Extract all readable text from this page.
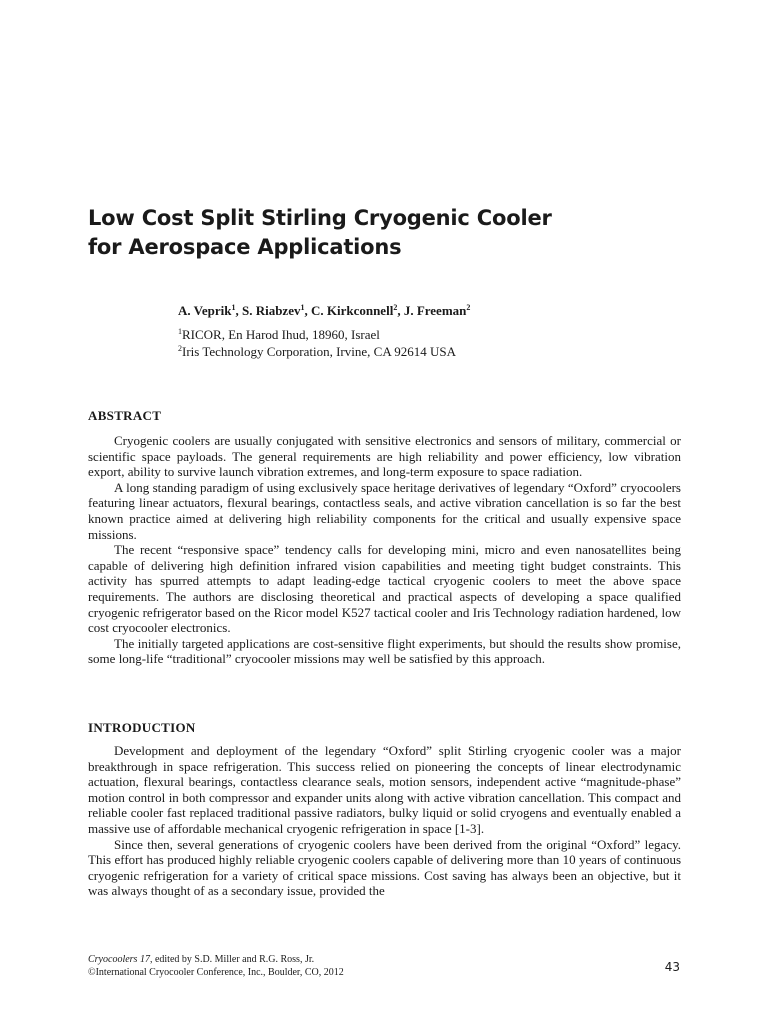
Low Cost Split Stirling Cryogenic Cooler
for Aerospace Applications
A. Veprik$^1$, S. Riabzev$^1$, C. Kirkconnell$^2$, J. Freeman$^2$
$^1$RICOR, En Harod Ihud, 18960, Israel
$^2$Iris Technology Corporation, Irvine, CA 92614 USA
ABSTRACT

Cryogenic coolers are usually conjugated with sensitive electronics and sensors of military, commercial or scientific space payloads. The general requirements are high reliability and power efficiency, low vibration export, ability to survive launch vibration extremes, and long-term exposure to space radiation.

A long standing paradigm of using exclusively space heritage derivatives of legendary “Oxford” cryocoolers featuring linear actuators, flexural bearings, contactless seals, and active vibration cancellation is so far the best known practice aimed at delivering high reliability components for the critical and usually expensive space missions.

The recent “responsive space” tendency calls for developing mini, micro and even nanosatellites being capable of delivering high definition infrared vision capabilities and meeting tight budget constraints. This activity has spurred attempts to adapt leading-edge tactical cryogenic coolers to meet the above space requirements. The authors are disclosing theoretical and practical aspects of developing a space qualified cryogenic refrigerator based on the Ricor model K527 tactical cooler and Iris Technology radiation hardened, low cost cryocooler electronics.

The initially targeted applications are cost-sensitive flight experiments, but should the results show promise, some long-life “traditional” cryocooler missions may well be satisfied by this approach.

INTRODUCTION

Development and deployment of the legendary “Oxford” split Stirling cryogenic cooler was a major breakthrough in space refrigeration. This success relied on pioneering the concepts of linear electrodynamic actuation, flexural bearings, contactless clearance seals, motion sensors, independent active “magnitude-phase” motion control in both compressor and expander units along with active vibration cancellation. This compact and reliable cooler fast replaced traditional passive radiators, bulky liquid or solid cryogens and eventually enabled a massive use of affordable mechanical cryogenic refrigeration in space [1-3].

Since then, several generations of cryogenic coolers have been derived from the original “Oxford” legacy. This effort has produced highly reliable cryogenic coolers capable of delivering more than 10 years of continuous cryogenic refrigeration for a variety of critical space missions. Cost saving has always been an objective, but it was always thought of as a secondary issue, provided the

Cryocoolers 17, edited by S.D. Miller and R.G. Ross, Jr.
©International Cryocooler Conference, Inc., Boulder, CO, 2012	43
